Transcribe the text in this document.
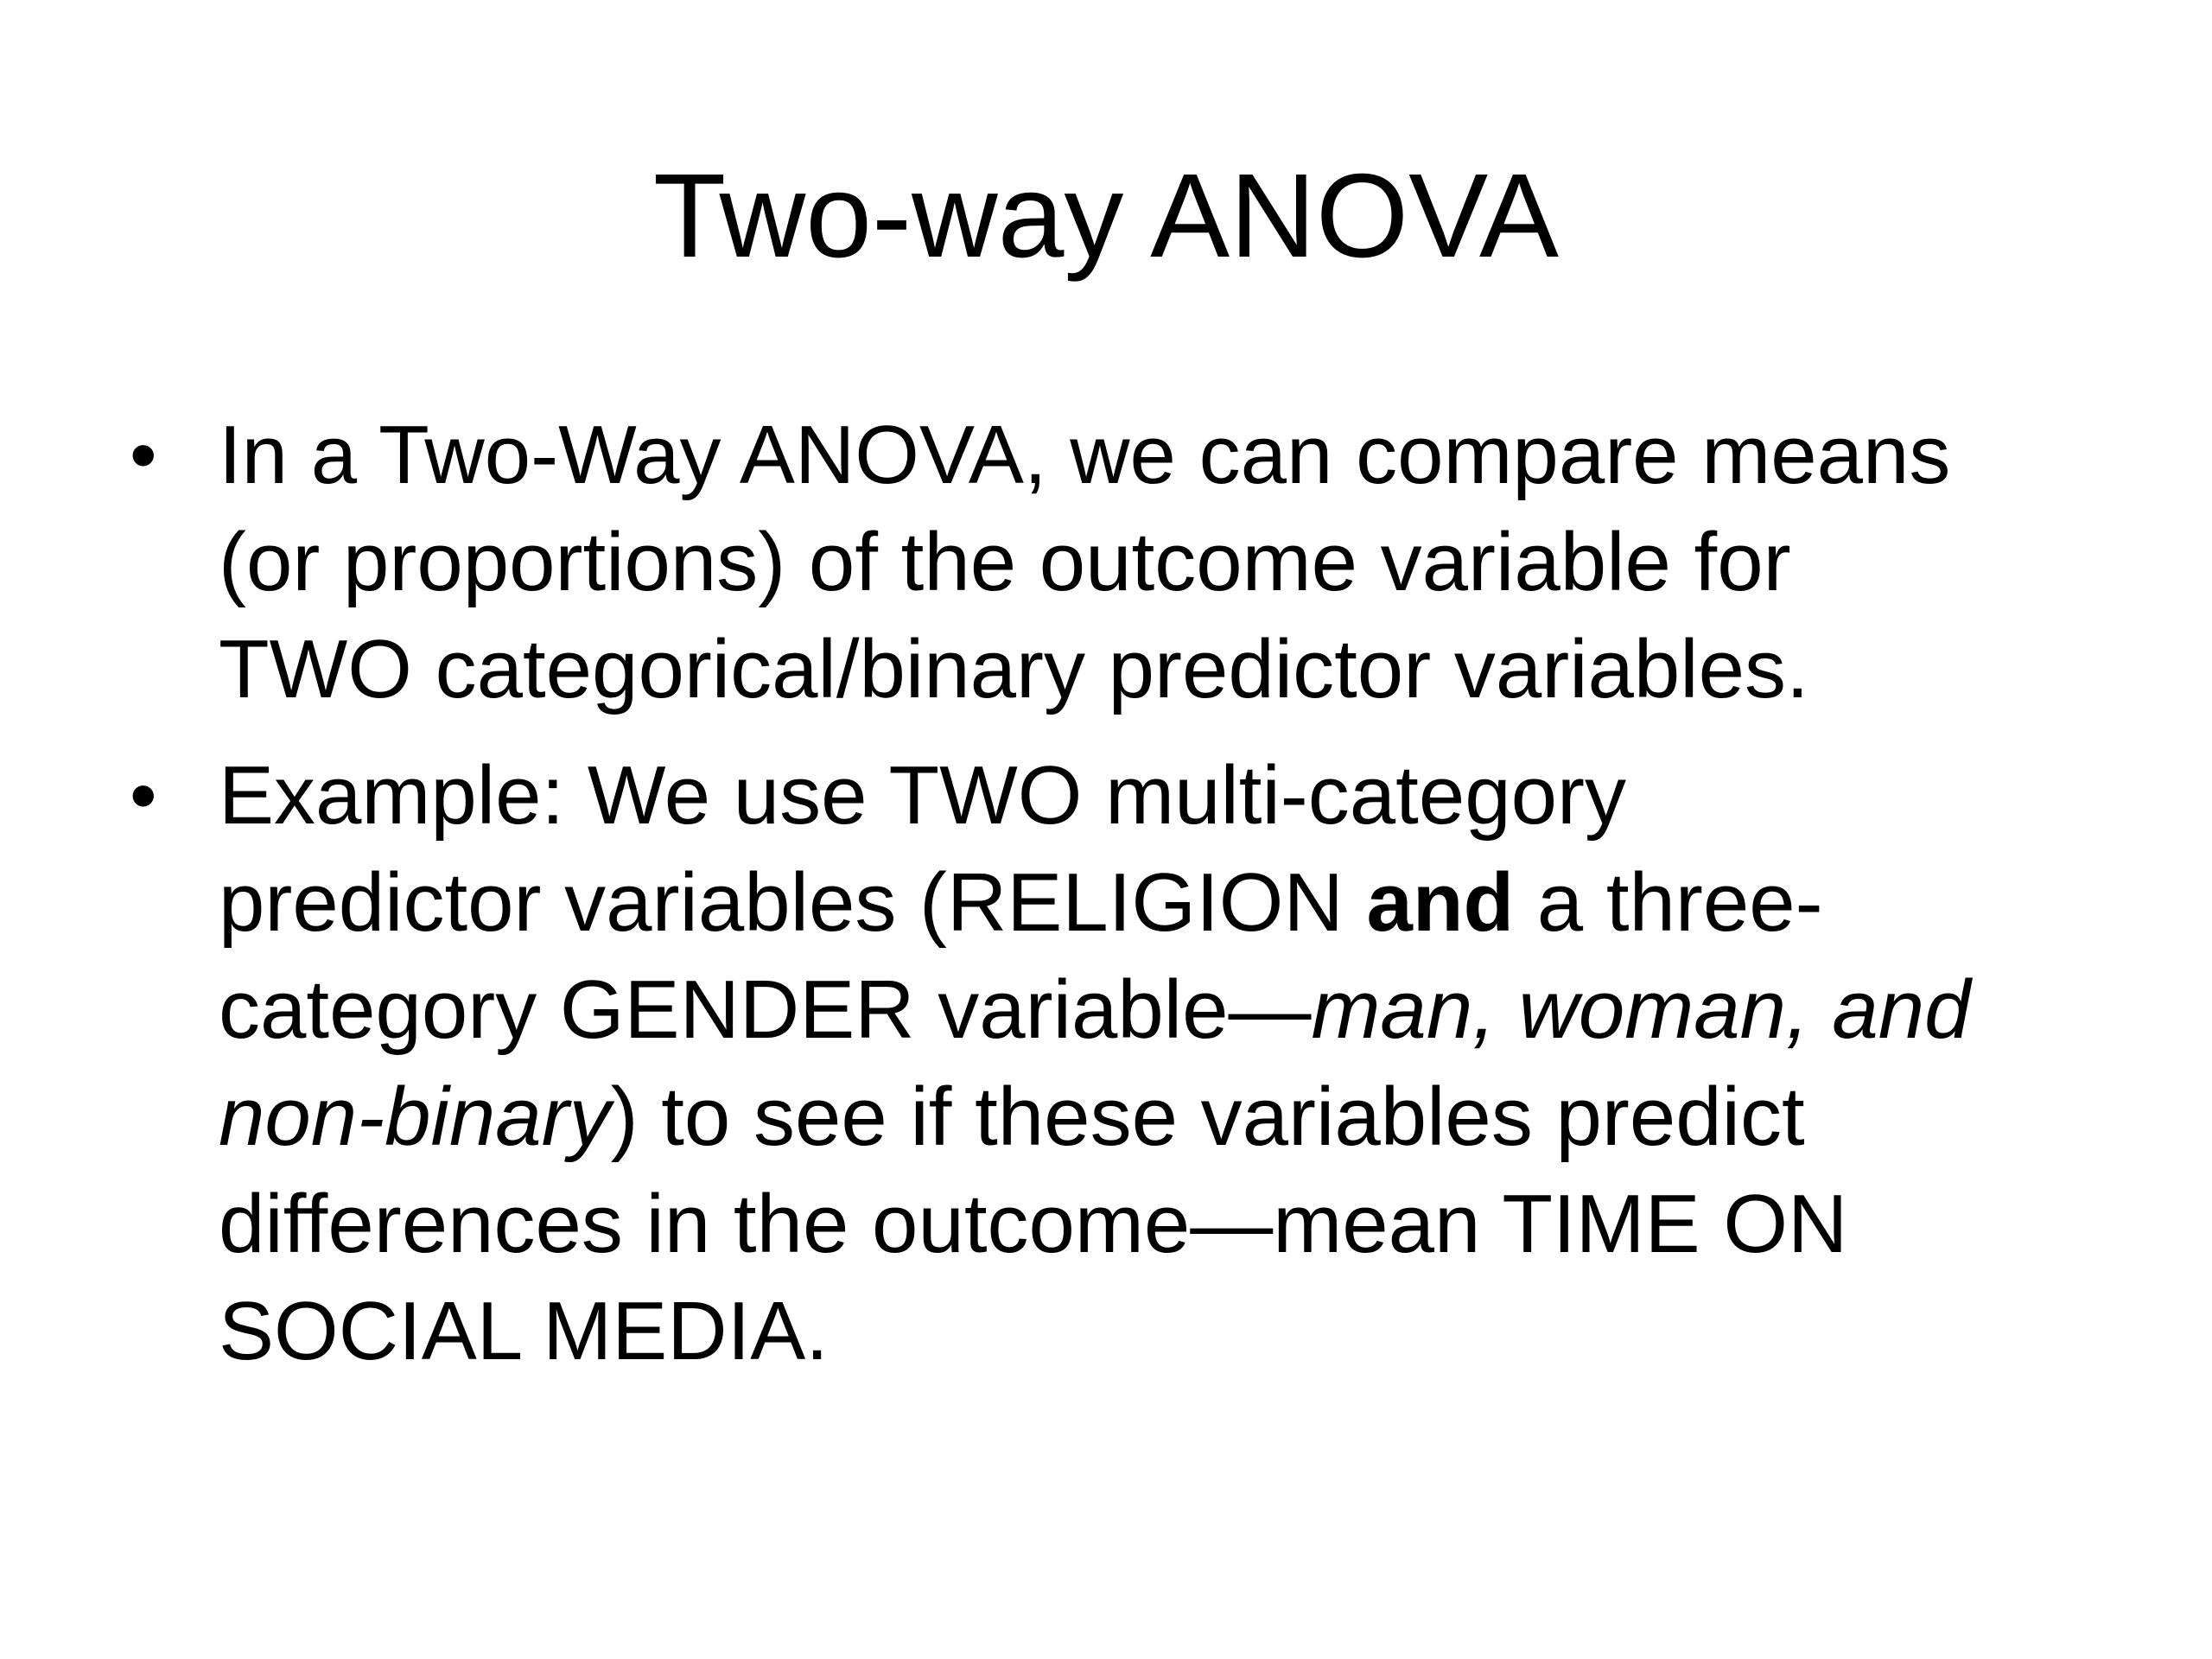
Two-way ANOVA
• In a Two-Way ANOVA, we can compare means
(or proportions) of the outcome variable for
TWO categorical/binary predictor variables.
• Example: We use TWO multi-category
predictor variables (RELIGION and a three-
category GENDER variable—man, woman, and
non-binary) to see if these variables predict
differences in the outcome—mean TIME ON
SOCIAL MEDIA.
